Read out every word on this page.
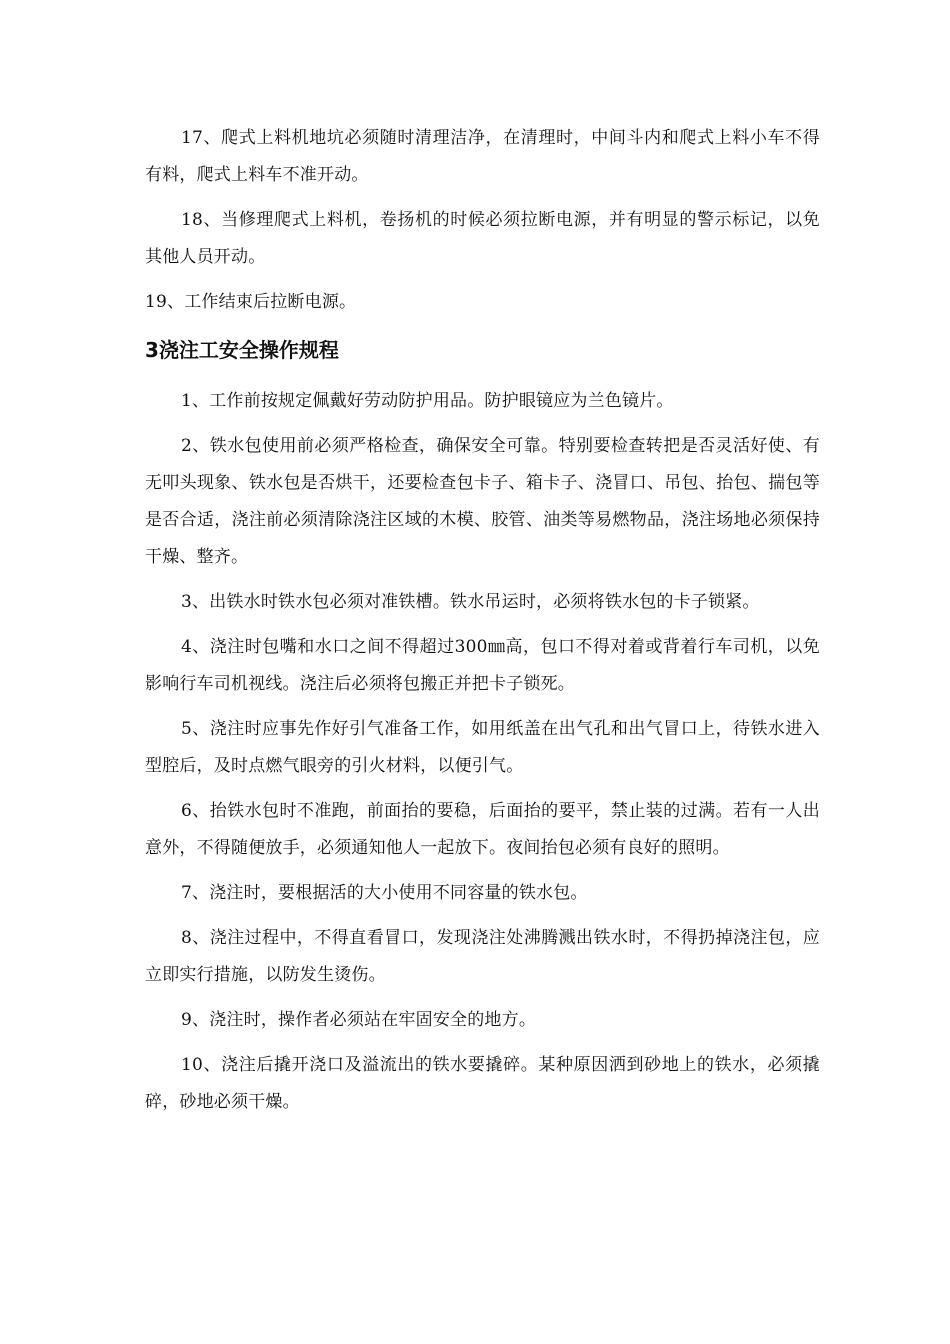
17、爬式上料机地坑必须随时清理洁净，在清理时，中间斗内和爬式上料小车不得有料，爬式上料车不准开动。

18、当修理爬式上料机，卷扬机的时候必须拉断电源，并有明显的警示标记，以免其他人员开动。

19、工作结束后拉断电源。

3浇注工安全操作规程

1、工作前按规定佩戴好劳动防护用品。防护眼镜应为兰色镜片。

2、铁水包使用前必须严格检查，确保安全可靠。特别要检查转把是否灵活好使、有无叩头现象、铁水包是否烘干，还要检查包卡子、箱卡子、浇冒口、吊包、抬包、揣包等是否合适，浇注前必须清除浇注区域的木模、胶管、油类等易燃物品，浇注场地必须保持干燥、整齐。

3、出铁水时铁水包必须对准铁槽。铁水吊运时，必须将铁水包的卡子锁紧。

4、浇注时包嘴和水口之间不得超过300㎜高，包口不得对着或背着行车司机，以免影响行车司机视线。浇注后必须将包搬正并把卡子锁死。

5、浇注时应事先作好引气准备工作，如用纸盖在出气孔和出气冒口上，待铁水进入型腔后，及时点燃气眼旁的引火材料，以便引气。

6、抬铁水包时不准跑，前面抬的要稳，后面抬的要平，禁止装的过满。若有一人出意外，不得随便放手，必须通知他人一起放下。夜间抬包必须有良好的照明。

7、浇注时，要根据活的大小使用不同容量的铁水包。

8、浇注过程中，不得直看冒口，发现浇注处沸腾溅出铁水时，不得扔掉浇注包，应立即实行措施，以防发生烫伤。

9、浇注时，操作者必须站在牢固安全的地方。

10、浇注后撬开浇口及溢流出的铁水要撬碎。某种原因洒到砂地上的铁水，必须撬碎，砂地必须干燥。
